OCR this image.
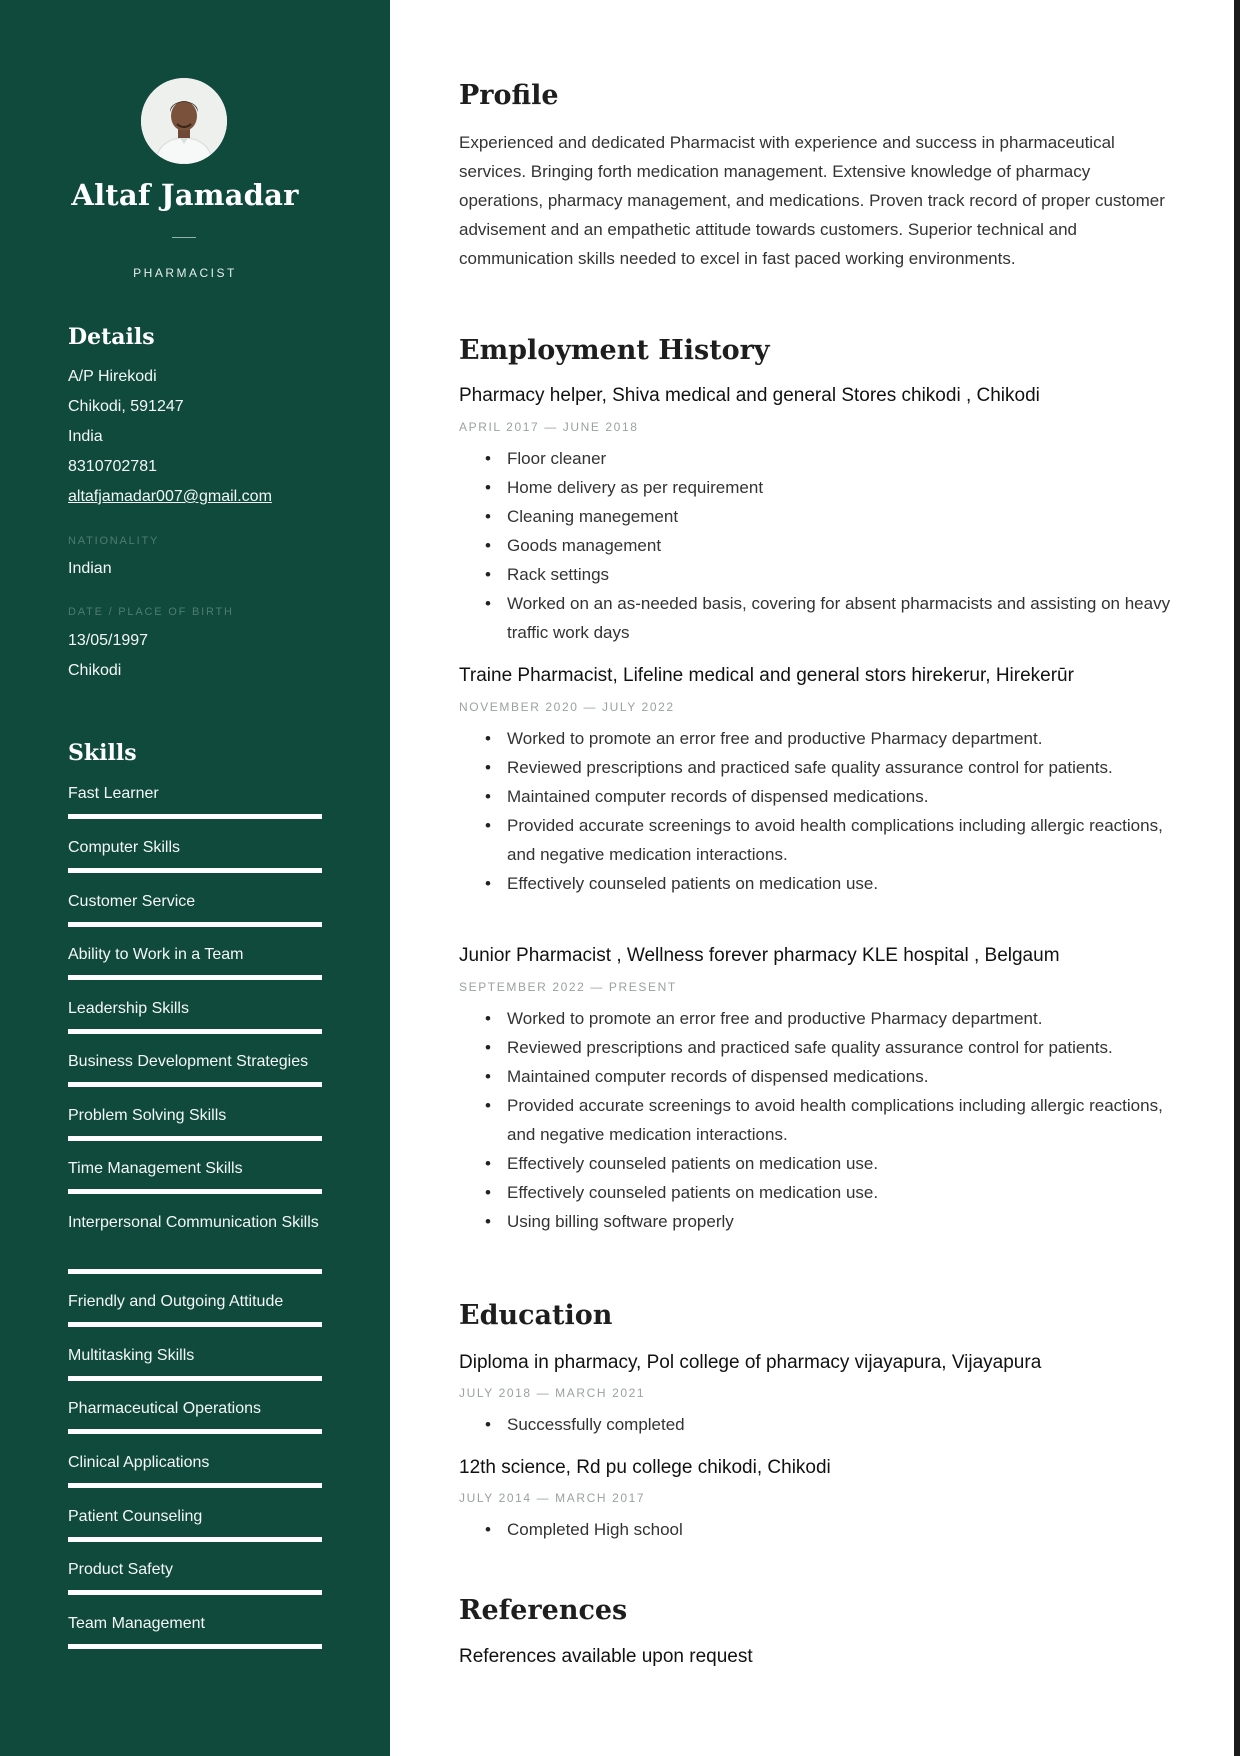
Altaf Jamadar
PHARMACIST
Details
A/P Hirekodi
Chikodi, 591247
India
8310702781
altafjamadar007@gmail.com
NATIONALITY
Indian
DATE / PLACE OF BIRTH
13/05/1997
Chikodi
Skills
Fast Learner
Computer Skills
Customer Service
Ability to Work in a Team
Leadership Skills
Business Development Strategies
Problem Solving Skills
Time Management Skills
Interpersonal Communication Skills
Friendly and Outgoing Attitude
Multitasking Skills
Pharmaceutical Operations
Clinical Applications
Patient Counseling
Product Safety
Team Management
Profile
Experienced and dedicated Pharmacist with experience and success in pharmaceutical services. Bringing forth medication management. Extensive knowledge of pharmacy operations, pharmacy management, and medications. Proven track record of proper customer advisement and an empathetic attitude towards customers. Superior technical and communication skills needed to excel in fast paced working environments.
Employment History
Pharmacy helper, Shiva medical and general Stores chikodi , Chikodi
APRIL 2017 — JUNE 2018
• Floor cleaner
• Home delivery as per requirement
• Cleaning manegement
• Goods management
• Rack settings
• Worked on an as-needed basis, covering for absent pharmacists and assisting on heavy traffic work days
Traine Pharmacist, Lifeline medical and general stors hirekerur, Hirekerūr
NOVEMBER 2020 — JULY 2022
• Worked to promote an error free and productive Pharmacy department.
• Reviewed prescriptions and practiced safe quality assurance control for patients.
• Maintained computer records of dispensed medications.
• Provided accurate screenings to avoid health complications including allergic reactions, and negative medication interactions.
• Effectively counseled patients on medication use.
Junior Pharmacist , Wellness forever pharmacy KLE hospital , Belgaum
SEPTEMBER 2022 — PRESENT
• Worked to promote an error free and productive Pharmacy department.
• Reviewed prescriptions and practiced safe quality assurance control for patients.
• Maintained computer records of dispensed medications.
• Provided accurate screenings to avoid health complications including allergic reactions, and negative medication interactions.
• Effectively counseled patients on medication use.
• Effectively counseled patients on medication use.
• Using billing software properly
Education
Diploma in pharmacy, Pol college of pharmacy vijayapura, Vijayapura
JULY 2018 — MARCH 2021
• Successfully completed
12th science, Rd pu college chikodi, Chikodi
JULY 2014 — MARCH 2017
• Completed High school
References
References available upon request
